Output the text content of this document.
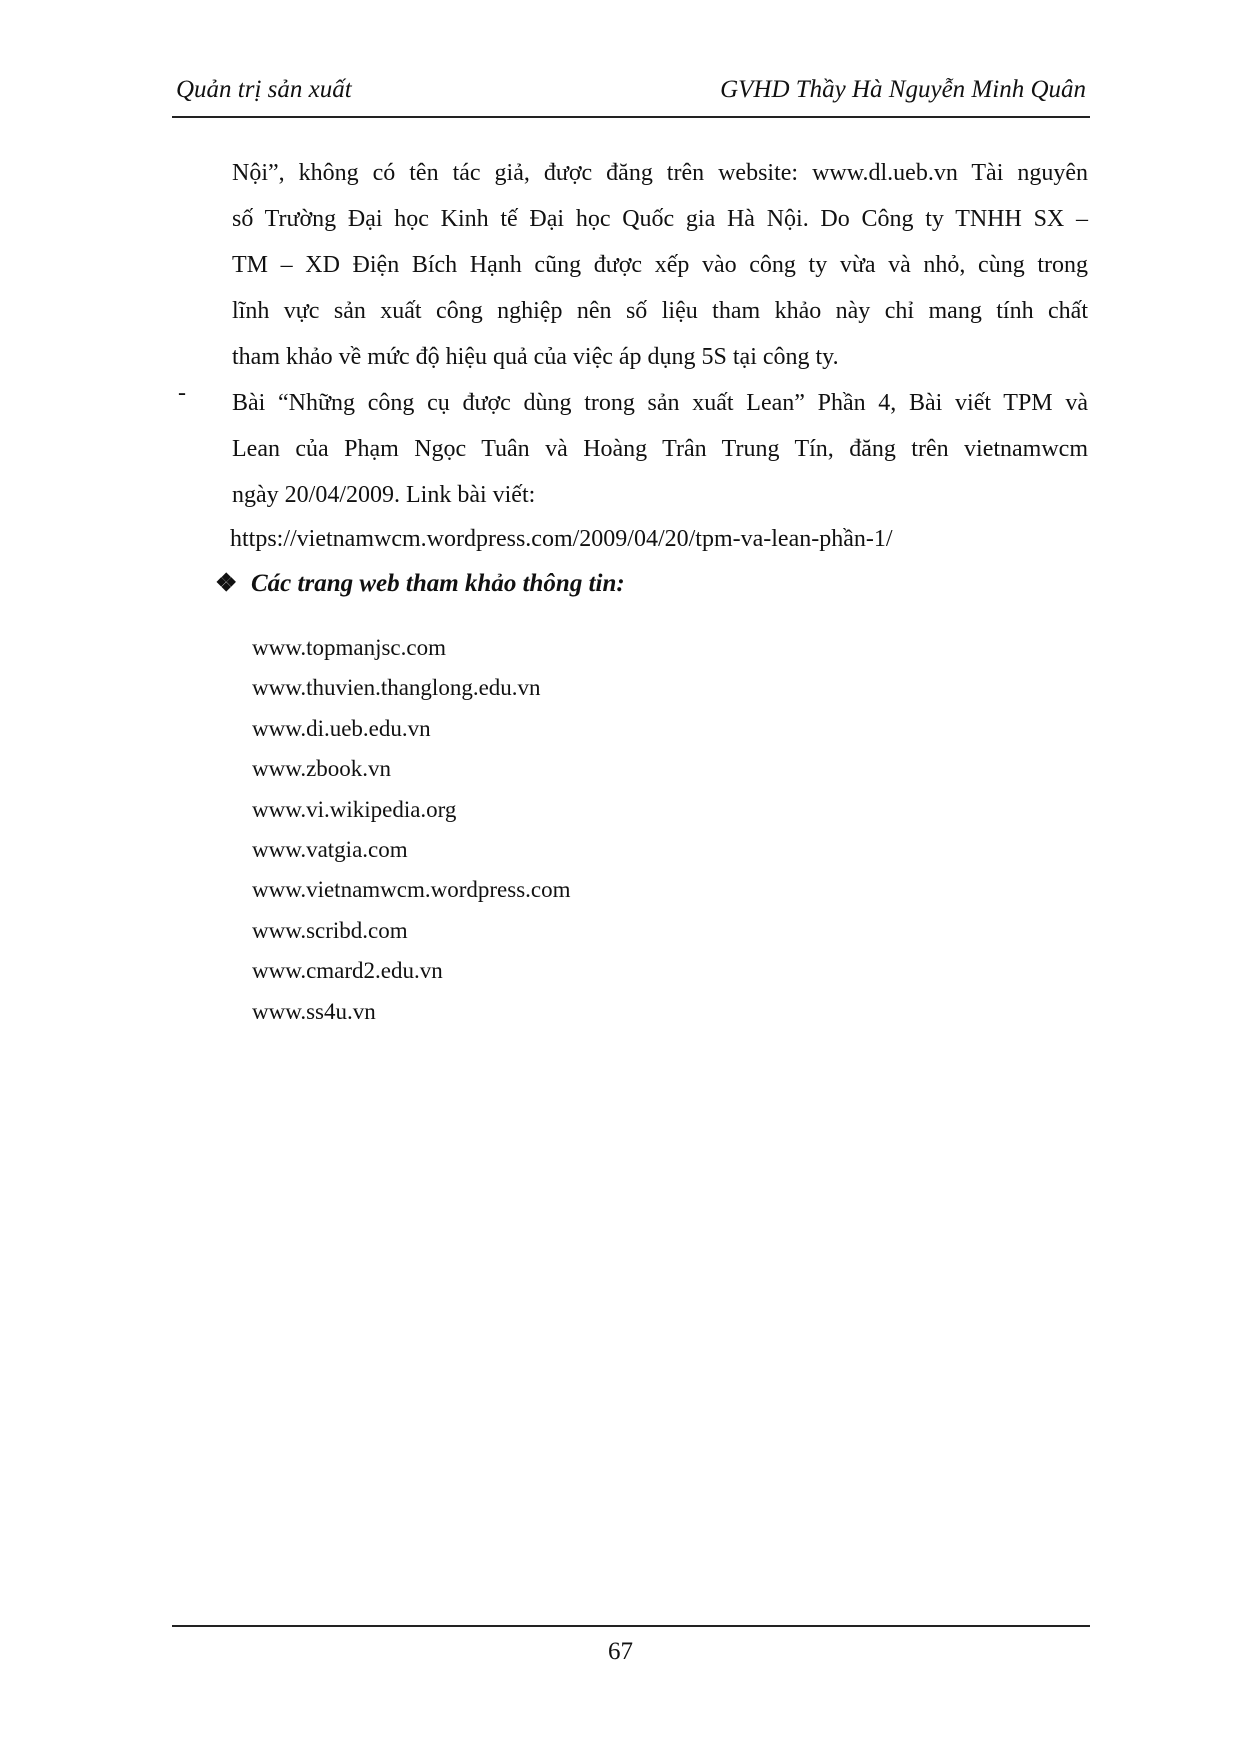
Quản trị sản xuất	GVHD Thầy Hà Nguyễn Minh Quân
Nội”, không có tên tác giả, được đăng trên website: www.dl.ueb.vn Tài nguyên
số Trường Đại học Kinh tế Đại học Quốc gia Hà Nội. Do Công ty TNHH SX –
TM – XD Điện Bích Hạnh cũng được xếp vào công ty vừa và nhỏ, cùng trong
lĩnh vực sản xuất công nghiệp nên số liệu tham khảo này chỉ mang tính chất
tham khảo về mức độ hiệu quả của việc áp dụng 5S tại công ty.
- Bài “Những công cụ được dùng trong sản xuất Lean” Phần 4, Bài viết TPM và
Lean của Phạm Ngọc Tuân và Hoàng Trân Trung Tín, đăng trên vietnamwcm
ngày 20/04/2009. Link bài viết:
https://vietnamwcm.wordpress.com/2009/04/20/tpm-va-lean-phần-1/
❖ Các trang web tham khảo thông tin:
www.topmanjsc.com
www.thuvien.thanglong.edu.vn
www.di.ueb.edu.vn
www.zbook.vn
www.vi.wikipedia.org
www.vatgia.com
www.vietnamwcm.wordpress.com
www.scribd.com
www.cmard2.edu.vn
www.ss4u.vn
67
